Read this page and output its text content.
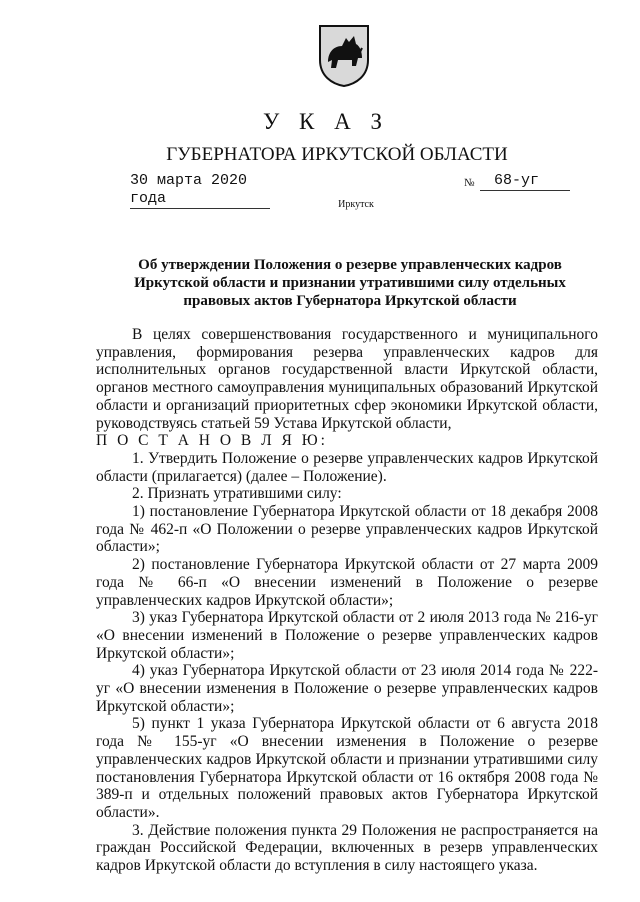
У К А З
ГУБЕРНАТОРА ИРКУТСКОЙ ОБЛАСТИ
30 марта 2020 года
№	68-уг
Иркутск
Об утверждении Положения о резерве управленческих кадров Иркутской области и признании утратившими силу отдельных правовых актов Губернатора Иркутской области

В целях совершенствования государственного и муниципального управления, формирования резерва управленческих кадров для исполнительных органов государственной власти Иркутской области, органов местного самоуправления муниципальных образований Иркутской области и организаций приоритетных сфер экономики Иркутской области, руководствуясь статьей 59 Устава Иркутской области,

П О С Т А Н О В Л Я Ю:

1. Утвердить Положение о резерве управленческих кадров Иркутской области (прилагается) (далее – Положение).

2. Признать утратившими силу:

1) постановление Губернатора Иркутской области от 18 декабря 2008 года № 462-п «О Положении о резерве управленческих кадров Иркутской области»;

2) постановление Губернатора Иркутской области от 27 марта 2009 года № 66-п «О внесении изменений в Положение о резерве управленческих кадров Иркутской области»;

3) указ Губернатора Иркутской области от 2 июля 2013 года № 216-уг «О внесении изменений в Положение о резерве управленческих кадров Иркутской области»;

4) указ Губернатора Иркутской области от 23 июля 2014 года № 222-уг «О внесении изменения в Положение о резерве управленческих кадров Иркутской области»;

5) пункт 1 указа Губернатора Иркутской области от 6 августа 2018 года № 155-уг «О внесении изменения в Положение о резерве управленческих кадров Иркутской области и признании утратившими силу постановления Губернатора Иркутской области от 16 октября 2008 года № 389-п и отдельных положений правовых актов Губернатора Иркутской области».

3. Действие положения пункта 29 Положения не распространяется на граждан Российской Федерации, включенных в резерв управленческих кадров Иркутской области до вступления в силу настоящего указа.
